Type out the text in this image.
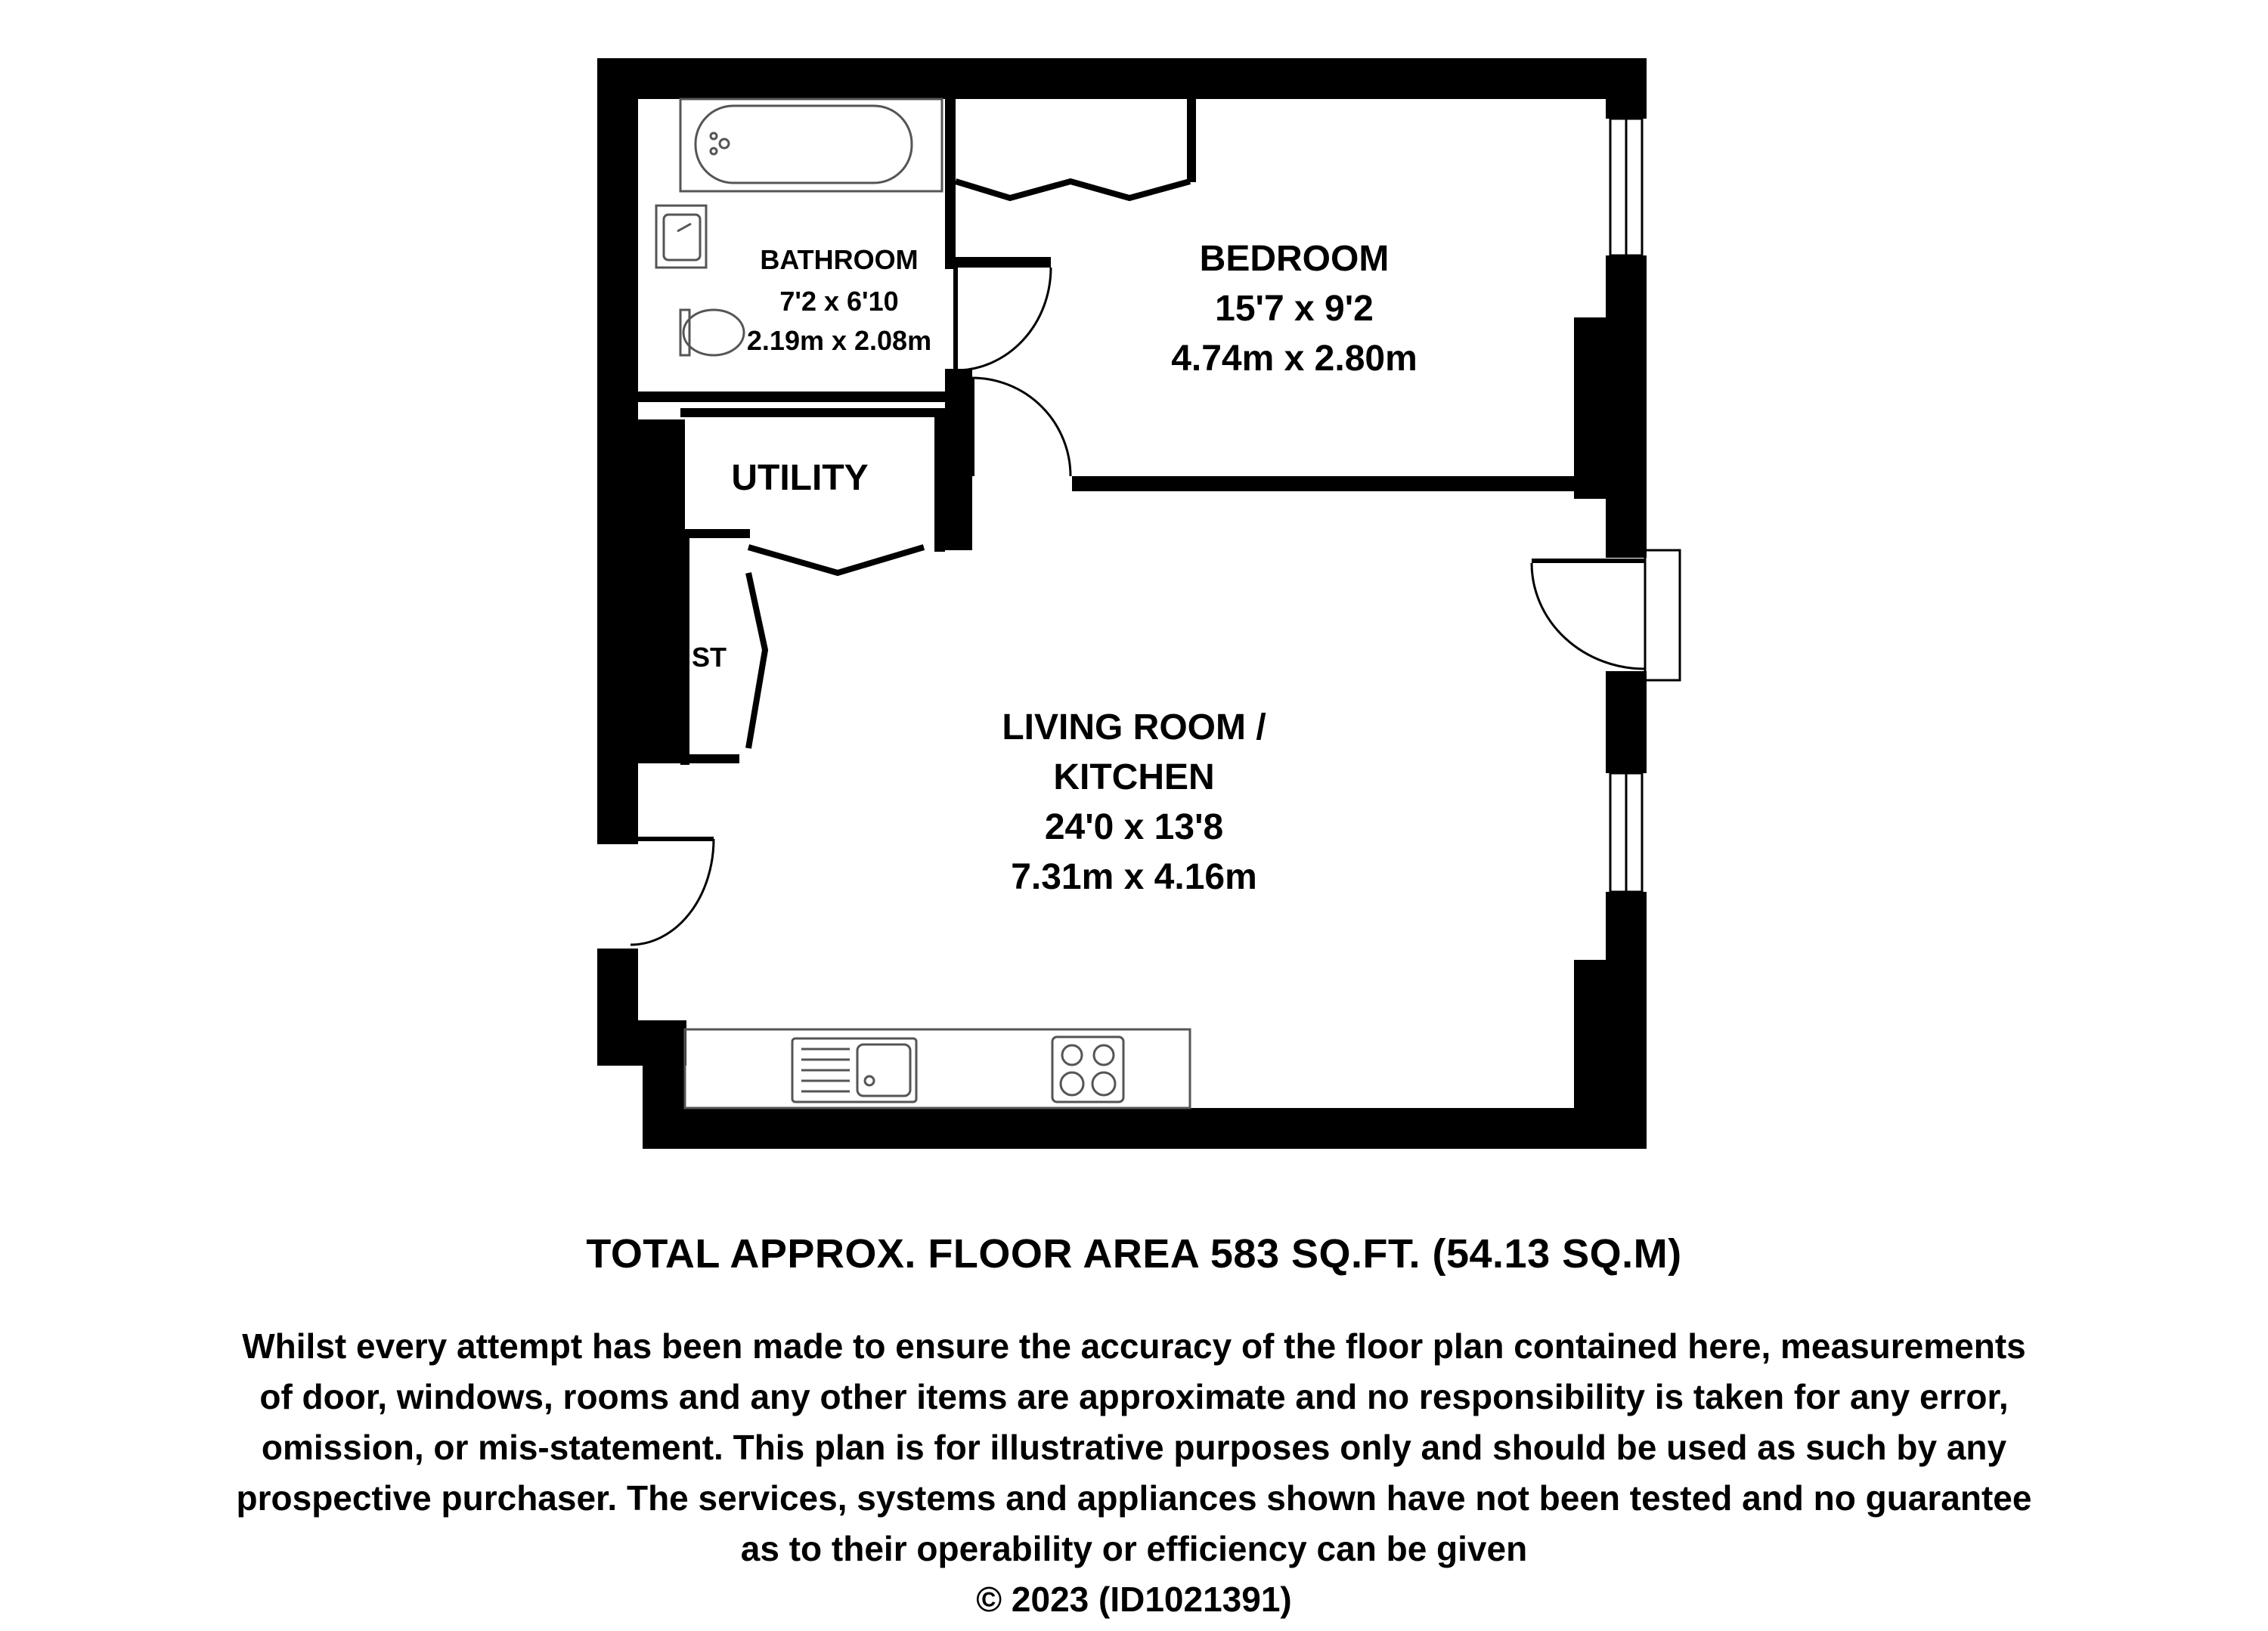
BATHROOM
7'2 x 6'10
2.19m x 2.08m
BEDROOM
15'7 x 9'2
4.74m x 2.80m
UTILITY
ST
LIVING ROOM /
KITCHEN
24'0 x 13'8
7.31m x 4.16m
TOTAL APPROX. FLOOR AREA 583 SQ.FT. (54.13 SQ.M)
Whilst every attempt has been made to ensure the accuracy of the floor plan contained here, measurements
of door, windows, rooms and any other items are approximate and no responsibility is taken for any error,
omission, or mis-statement. This plan is for illustrative purposes only and should be used as such by any
prospective purchaser. The services, systems and appliances shown have not been tested and no guarantee
as to their operability or efficiency can be given
© 2023 (ID1021391)
